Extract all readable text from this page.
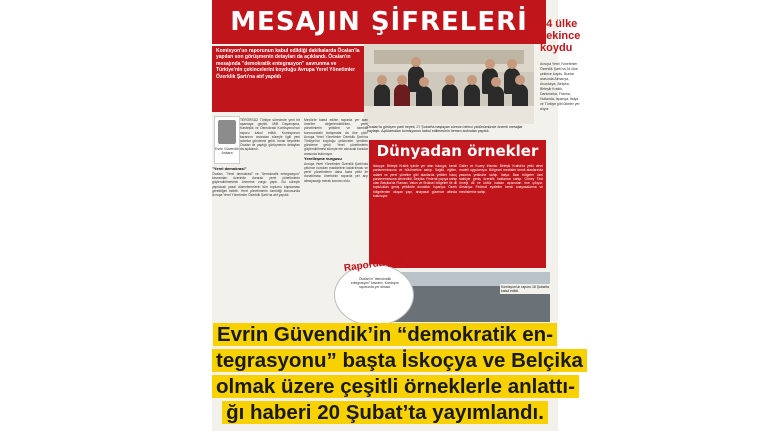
MESAJIN ŞİFRELERİ
Komisyon'un raporunun kabul edildiği dakikalarda Öcalan'la yapılan son görüşmenin detayları da açıklandı. Öcalan'ın mesajında "demokratik entegrasyon" savrunma ve Türkiye'nin çekincelerini koyduğu Avrupa Yerel Yönetimler Özerklik Şartı'na atıf yapıldı
Öcalan'la görüşen parti heyeti, 27 Şubat'ta başlayan sürecin birinci yıldönümünde önemli mesajlar paylaştı. Açıklamaları komisyonun kabul edilmesinin hemen ardından yapıldı.
Evrin Güvendik
Ankara
TERÖRSÜZ Türkiye sürecinde yeni bir aşamaya geçildi. Milli Dayanışma, Kardeşlik ve Demokrasi Komisyonu'nun raporu kabul edildi. Komisyonun kararının ardından süreçle ilgili yeni adımlar gündeme geldi. İmralı heyetinin Öcalan ile yaptığı görüşmenin detayları da açıklandı.
"Yerel demokrasi"
Öcalan, "Yerel demokrasi" ve "demokratik entegrasyon" kavramları üzerinde durarak yerel yönetimlerin güçlendirilmesinin önemine vurgu yaptı. Bu süreçte yapılacak yasal düzenlemelerin tüm toplumu kapsaması gerektiğini belirtti. Yerel yönetimlerin özerkliği konusunda Avrupa Yerel Yönetimler Özerklik Şartı'na atıf yapıldı.
Meclis'te kabul edilen raporda yer alan öneriler değerlendirilirken, yerel yönetimlerin yetkileri ve özerklik konusundaki tartışmalar da öne çıktı. Avrupa Yerel Yönetimler Özerklik Şartı'na Türkiye'nin koyduğu çekinceler yeniden gündeme geldi. Yerel yönetimlerin güçlendirilmesi süreçte ele alınacak konular arasında bulunuyor.
Yerelleşme vurgusu
Avrupa Yerel Yönetimler Özerklik Şartı'nda çekince konulan maddelerin kaldırılması ve yerel yönetimlerin daha fazla yetki ile donatılması önerisinin raporda yer alıp almayacağı merak konusu oldu.
Dünyadan örnekler
İskoçya: Birleşik Krallık içinde yer alan İskoçya, kendi parlamentosuna ve hükümetine sahip. Sağlık, eğitim, adalet ve yerel yönetim gibi alanlarda yetkiler İskoç parlamentosuna devredildi. Belçika: Federal yapıya sahip olan Belçika'da Flaman, Valon ve Brüksel bölgeleri ile dil toplulukları geniş yetkilerle donatıldı. İspanya: Özerk bölgelerden oluşan yapı, anayasal güvence altında bulunuyor.
Galler ve Kuzey İrlanda: Birleşik Krallık'ta yetki devri modeli uygulanıyor. Bölgesel meclisler kendi alanlarında yasama yetkisine sahip. İtalya: Bazı bölgeler özel statüyle geniş özerklik haklarına sahip. Güney Tirol örneği dil ve kültür hakları açısından öne çıkıyor. Almanya: Federal eyaletler kendi anayasalarına ve meclislerine sahip.
Komisyon'un raporu 18 Şubat'ta kabul edildi.
Raporda yok
Öcalan'ın "demokratik entegrasyon" kavramı, Komisyon raporunda yer almadı.
34 ülke çekince koydu
Avrupa Yerel Yönetimler Özerklik Şartı'na 34 ülke çekince koydu. Bunlar arasında Almanya, Avusturya, Belçika, Birleşik Krallık, Danimarka, Fransa, Hollanda, İspanya, İtalya ve Türkiye gibi ülkeler yer alıyor.
Evrin Güvendik’in “demokratik en-
tegrasyonu” başta İskoçya ve Belçika
olmak üzere çeşitli örneklerle anlattı-
ğı haberi 20 Şubat’ta yayımlandı.
